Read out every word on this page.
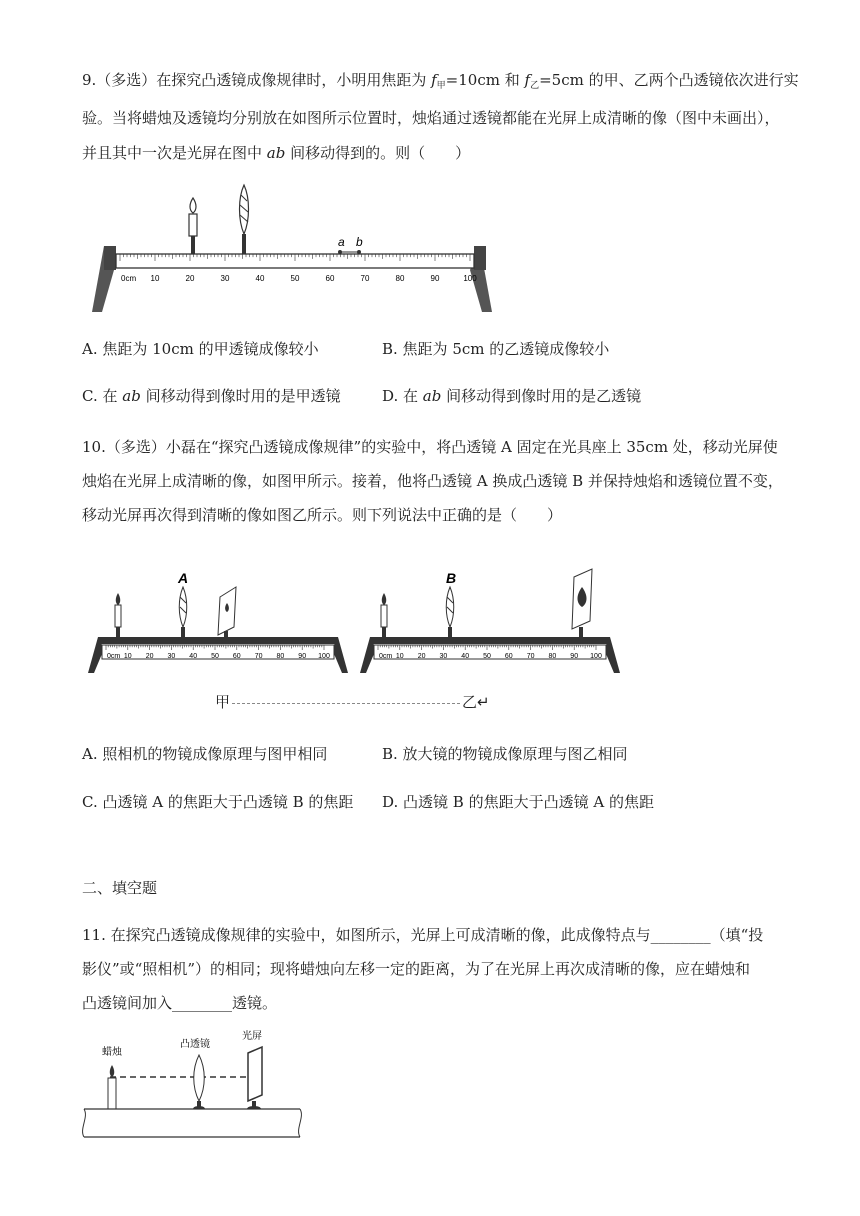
9.（多选）在探究凸透镜成像规律时，小明用焦距为 $f_甲=10cm$ 和 $f_乙=5cm$ 的甲、乙两个凸透镜依次进行实
验。当将蜡烛及透镜均分别放在如图所示位置时，烛焰通过透镜都能在光屏上成清晰的像（图中未画出），
并且其中一次是光屏在图中 ab 间移动得到的。则（　　）
a b
0cm 10	20	30	40	50	60	70	80	90	100
A. 焦距为 10cm 的甲透镜成像较小	B. 焦距为 5cm 的乙透镜成像较小
C. 在 ab 间移动得到像时用的是甲透镜	D. 在 ab 间移动得到像时用的是乙透镜
10.（多选）小磊在“探究凸透镜成像规律”的实验中，将凸透镜 A 固定在光具座上 35cm 处，移动光屏使
烛焰在光屏上成清晰的像，如图甲所示。接着，他将凸透镜 A 换成凸透镜 B 并保持烛焰和透镜位置不变，
移动光屏再次得到清晰的像如图乙所示。则下列说法中正确的是（　　）
A
0cm 10 20 30 40 50 60 70 80 90 100
B
0cm 10 20 30 40 50 60 70 80 90 100
甲	乙↵
A. 照相机的物镜成像原理与图甲相同	B. 放大镜的物镜成像原理与图乙相同
C. 凸透镜 A 的焦距大于凸透镜 B 的焦距 D. 凸透镜 B 的焦距大于凸透镜 A 的焦距
二、填空题
11. 在探究凸透镜成像规律的实验中，如图所示，光屏上可成清晰的像，此成像特点与________（填“投
影仪”或“照相机”）的相同；现将蜡烛向左移一定的距离，为了在光屏上再次成清晰的像，应在蜡烛和
凸透镜间加入________透镜。
蜡烛
凸透镜
光屏
